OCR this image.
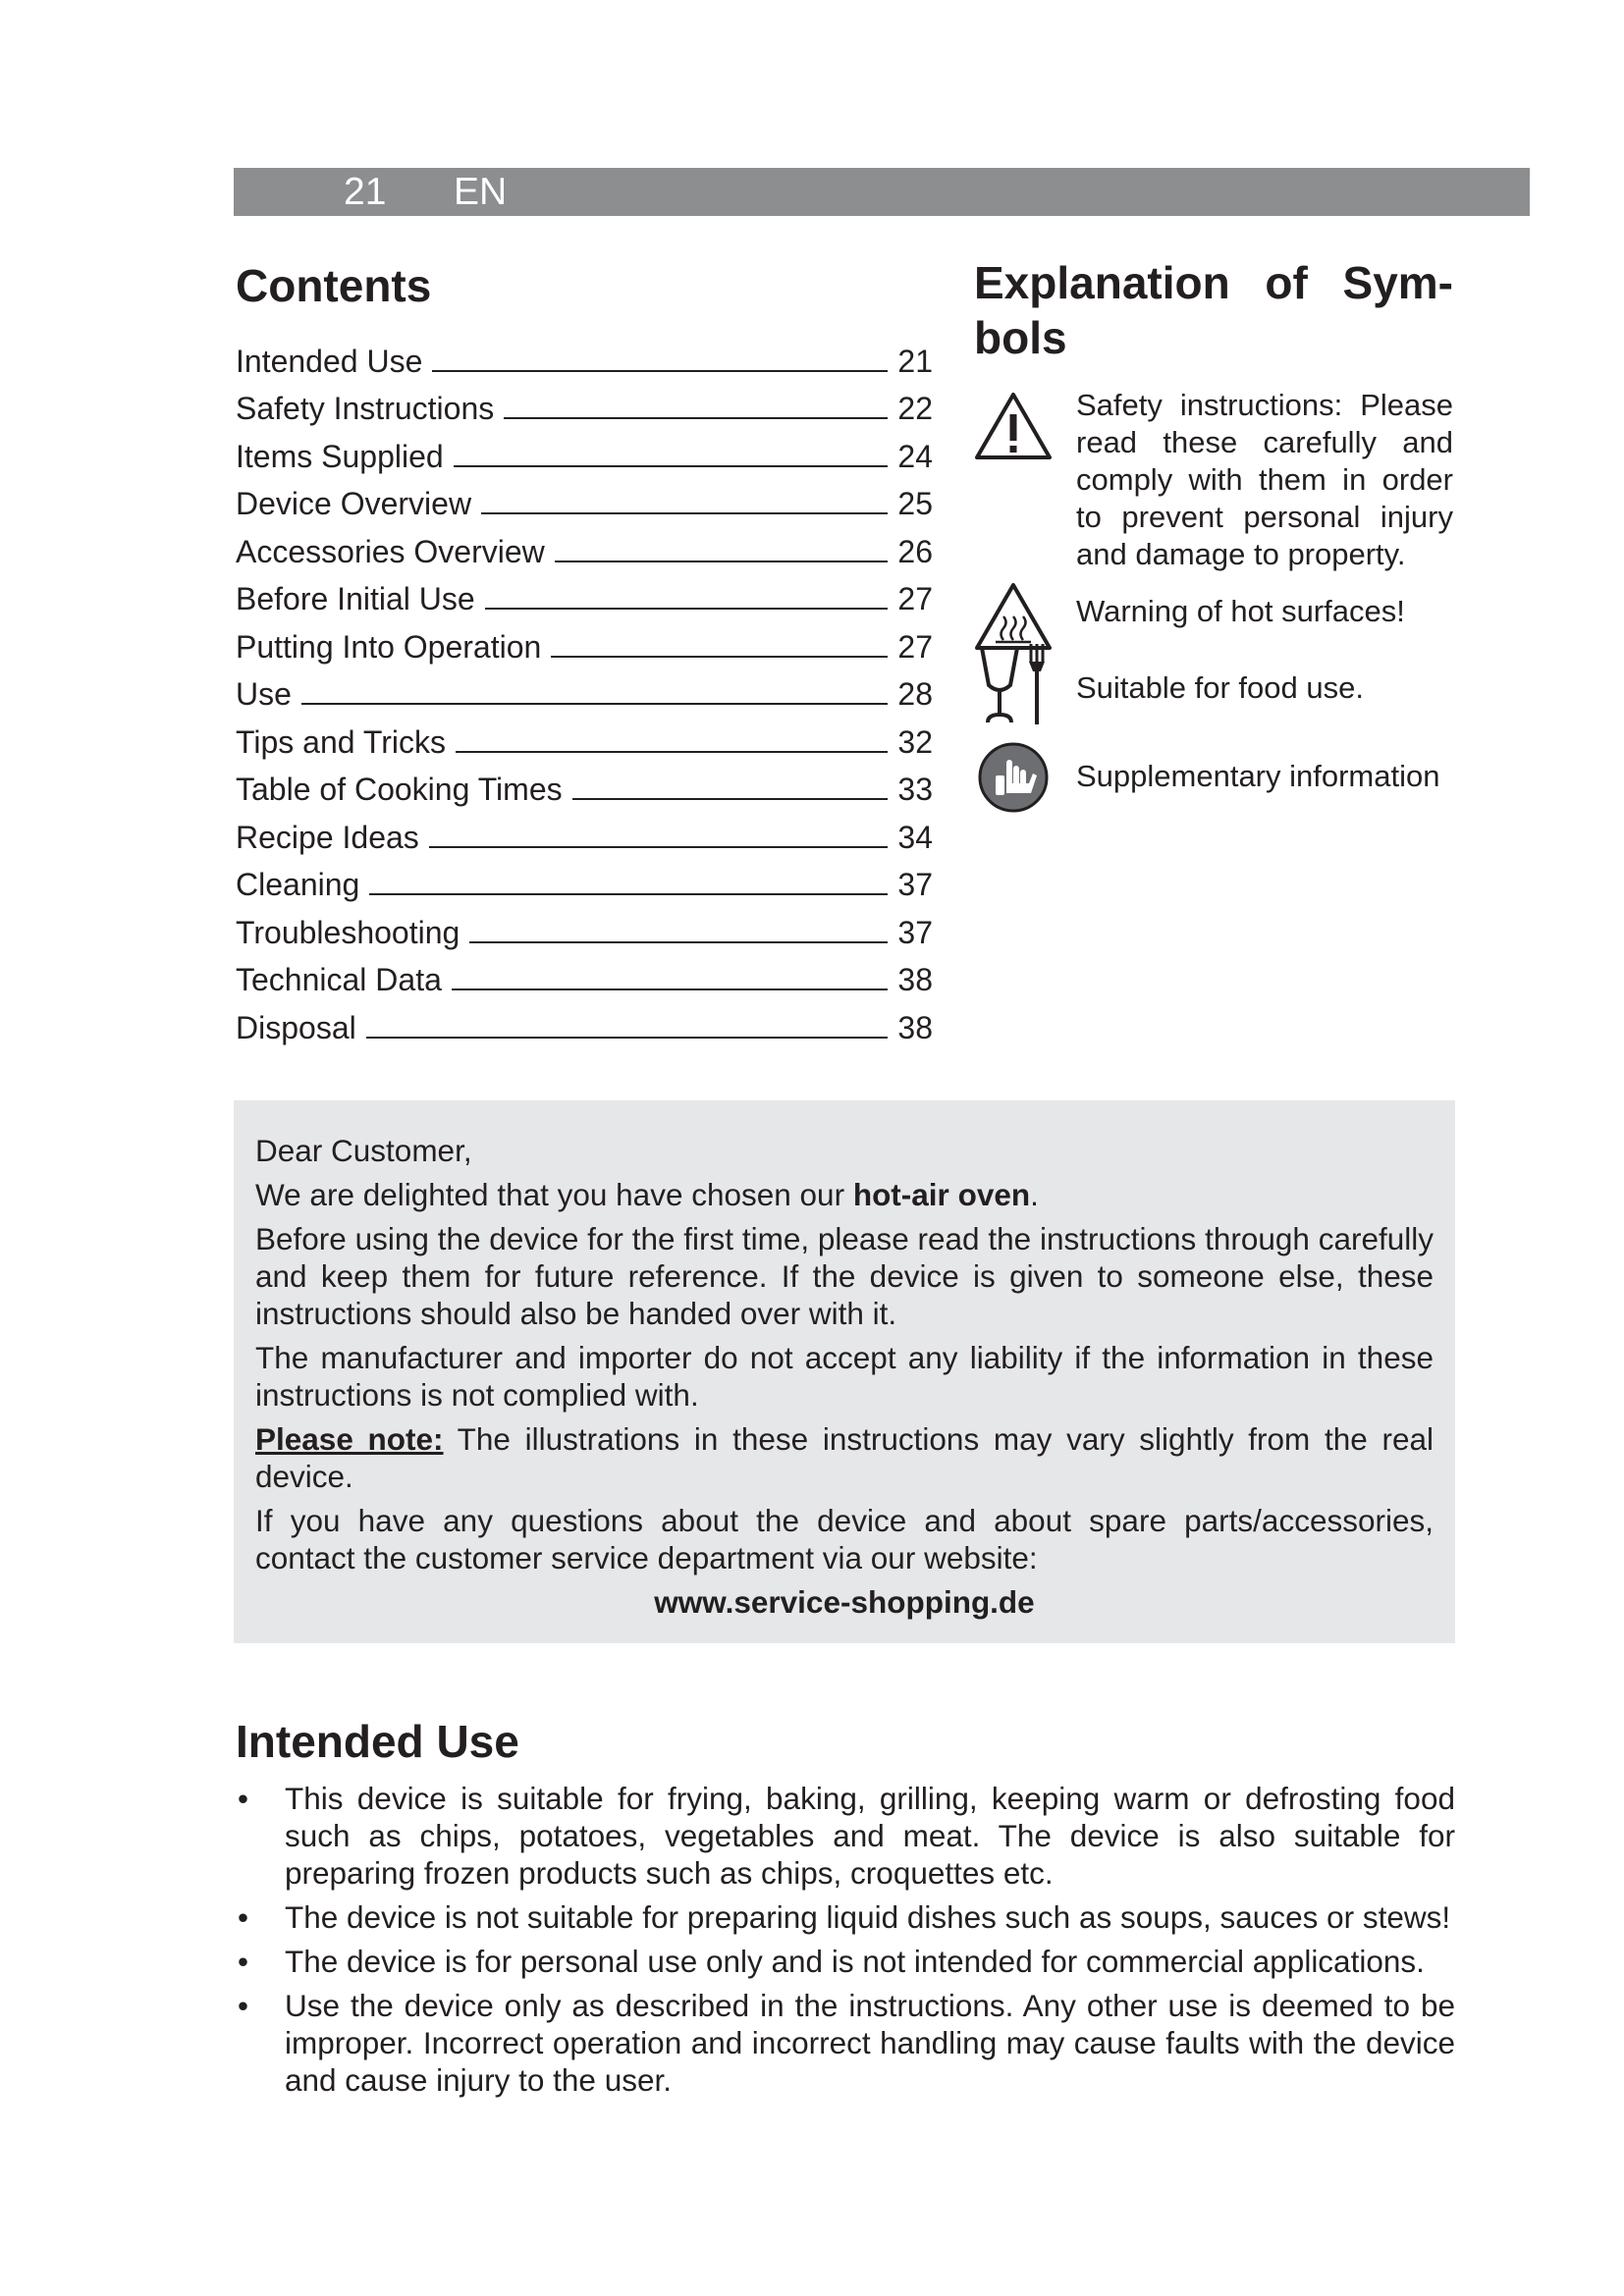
21 EN
Contents
Intended Use	21
Safety Instructions	22
Items Supplied	24
Device Overview	25
Accessories Overview	26
Before Initial Use	27
Putting Into Operation	27
Use	28
Tips and Tricks	32
Table of Cooking Times	33
Recipe Ideas	34
Cleaning	37
Troubleshooting	37
Technical Data	38
Disposal	38
Explanation of Sym-
bols

Safety instructions: Please read these carefully and comply with them in order to prevent personal injury and damage to property.

Warning of hot surfaces!

Suitable for food use.

Supplementary information

Dear Customer,

We are delighted that you have chosen our hot-air oven.

Before using the device for the first time, please read the instructions through carefully and keep them for future reference. If the device is given to someone else, these instructions should also be handed over with it.

The manufacturer and importer do not accept any liability if the information in these instructions is not complied with.

Please note: The illustrations in these instructions may vary slightly from the real device.

If you have any questions about the device and about spare parts/accessories, contact the customer service department via our website:

www.service-shopping.de

Intended Use
• This device is suitable for frying, baking, grilling, keeping warm or defrosting food such as chips, potatoes, vegetables and meat. The device is also suitable for preparing frozen products such as chips, croquettes etc.
• The device is not suitable for preparing liquid dishes such as soups, sauces or stews!
• The device is for personal use only and is not intended for commercial applications.
• Use the device only as described in the instructions. Any other use is deemed to be improper. Incorrect operation and incorrect handling may cause faults with the device and cause injury to the user.
